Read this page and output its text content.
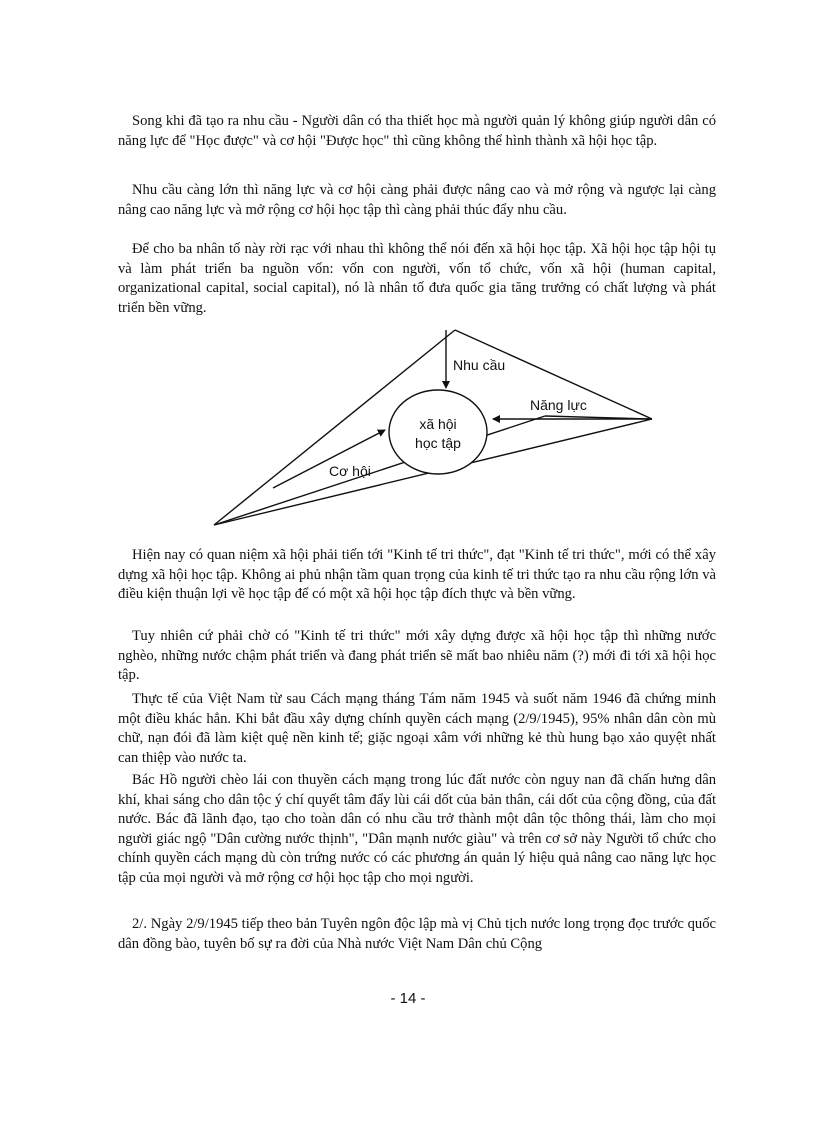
Song khi đã tạo ra nhu cầu - Người dân có tha thiết học mà người quản lý không giúp người dân có năng lực để "Học được" và cơ hội "Được học" thì cũng không thể hình thành xã hội học tập.

Nhu cầu càng lớn thì năng lực và cơ hội càng phải được nâng cao và mở rộng và ngược lại càng nâng cao năng lực và mở rộng cơ hội học tập thì càng phải thúc đẩy nhu cầu.

Để cho ba nhân tố này rời rạc với nhau thì không thể nói đến xã hội học tập. Xã hội học tập hội tụ và làm phát triển ba nguồn vốn: vốn con người, vốn tổ chức, vốn xã hội (human capital, organizational capital, social capital), nó là nhân tố đưa quốc gia tăng trưởng có chất lượng và phát triển bền vững.

Nhu cầu
Năng lực
Cơ hội
xã hội
học tập

Hiện nay có quan niệm xã hội phải tiến tới "Kinh tế tri thức", đạt "Kinh tế tri thức", mới có thể xây dựng xã hội học tập. Không ai phủ nhận tầm quan trọng của kinh tế tri thức tạo ra nhu cầu rộng lớn và điều kiện thuận lợi về học tập để có một xã hội học tập đích thực và bền vững.

Tuy nhiên cứ phải chờ có "Kinh tế tri thức" mới xây dựng được xã hội học tập thì những nước nghèo, những nước chậm phát triển và đang phát triển sẽ mất bao nhiêu năm (?) mới đi tới xã hội học tập.

Thực tế của Việt Nam từ sau Cách mạng tháng Tám năm 1945 và suốt năm 1946 đã chứng minh một điều khác hẳn. Khi bắt đầu xây dựng chính quyền cách mạng (2/9/1945), 95% nhân dân còn mù chữ, nạn đói đã làm kiệt quệ nền kinh tế; giặc ngoại xâm với những kẻ thù hung bạo xảo quyệt nhất can thiệp vào nước ta.

Bác Hồ người chèo lái con thuyền cách mạng trong lúc đất nước còn nguy nan đã chấn hưng dân khí, khai sáng cho dân tộc ý chí quyết tâm đẩy lùi cái dốt của bản thân, cái dốt của cộng đồng, của đất nước. Bác đã lãnh đạo, tạo cho toàn dân có nhu cầu trở thành một dân tộc thông thái, làm cho mọi người giác ngộ "Dân cường nước thịnh", "Dân mạnh nước giàu" và trên cơ sở này Người tổ chức cho chính quyền cách mạng dù còn trứng nước có các phương án quản lý hiệu quả nâng cao năng lực học tập của mọi người và mở rộng cơ hội học tập cho mọi người.

2/. Ngày 2/9/1945 tiếp theo bản Tuyên ngôn độc lập mà vị Chủ tịch nước long trọng đọc trước quốc dân đồng bào, tuyên bố sự ra đời của Nhà nước Việt Nam Dân chủ Cộng

- 14 -
